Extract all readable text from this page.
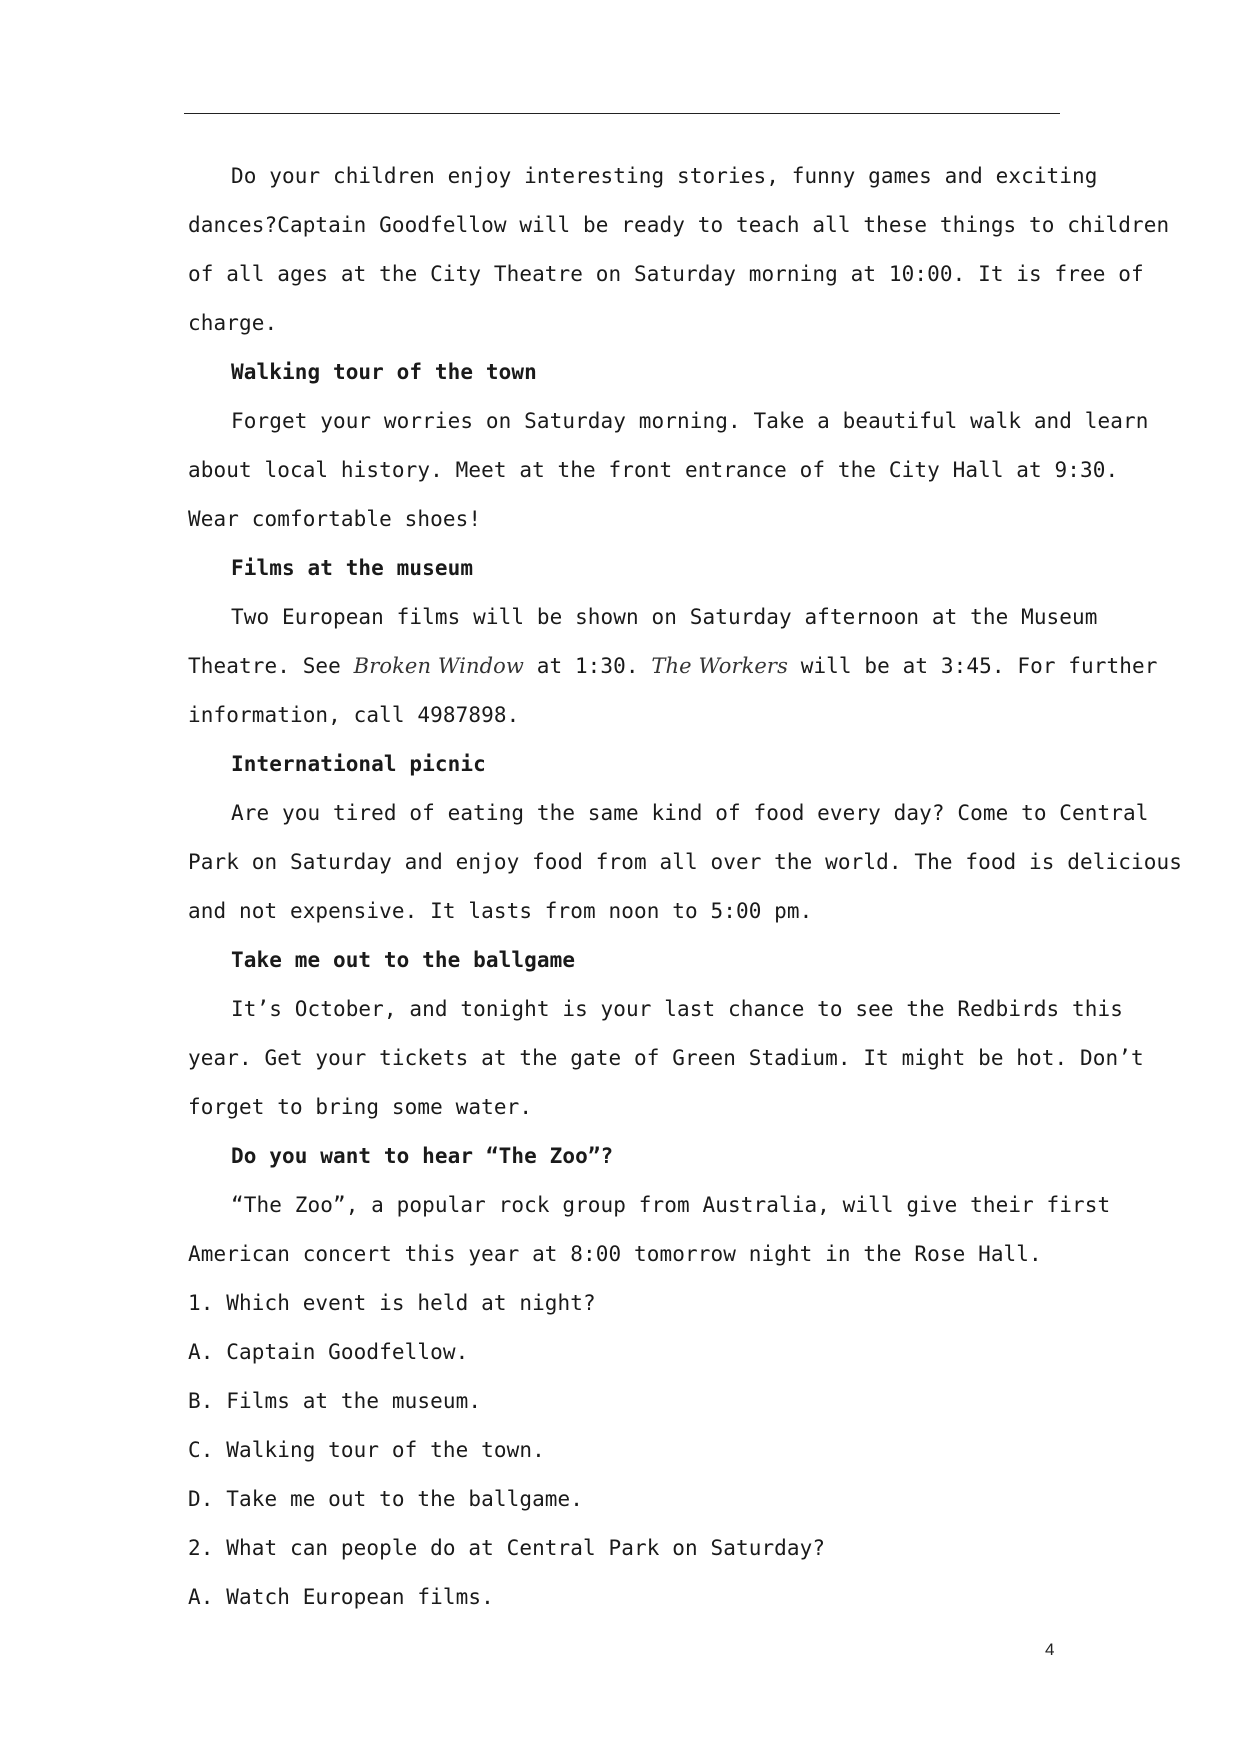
Do your children enjoy interesting stories, funny games and exciting
dances?Captain Goodfellow will be ready to teach all these things to children
of all ages at the City Theatre on Saturday morning at 10:00. It is free of
charge.
Walking tour of the town
Forget your worries on Saturday morning. Take a beautiful walk and learn
about local history. Meet at the front entrance of the City Hall at 9:30.
Wear comfortable shoes!
Films at the museum
Two European films will be shown on Saturday afternoon at the Museum
Theatre. See Broken Window at 1:30. The Workers will be at 3:45. For further
information, call 4987898.
International picnic
Are you tired of eating the same kind of food every day? Come to Central
Park on Saturday and enjoy food from all over the world. The food is delicious
and not expensive. It lasts from noon to 5:00 pm.
Take me out to the ballgame
It’s October, and tonight is your last chance to see the Redbirds this
year. Get your tickets at the gate of Green Stadium. It might be hot. Don’t
forget to bring some water.
Do you want to hear “The Zoo”?
“The Zoo”, a popular rock group from Australia, will give their first
American concert this year at 8:00 tomorrow night in the Rose Hall.
1. Which event is held at night?
A. Captain Goodfellow.
B. Films at the museum.
C. Walking tour of the town.
D. Take me out to the ballgame.
2. What can people do at Central Park on Saturday?
A. Watch European films.
4
